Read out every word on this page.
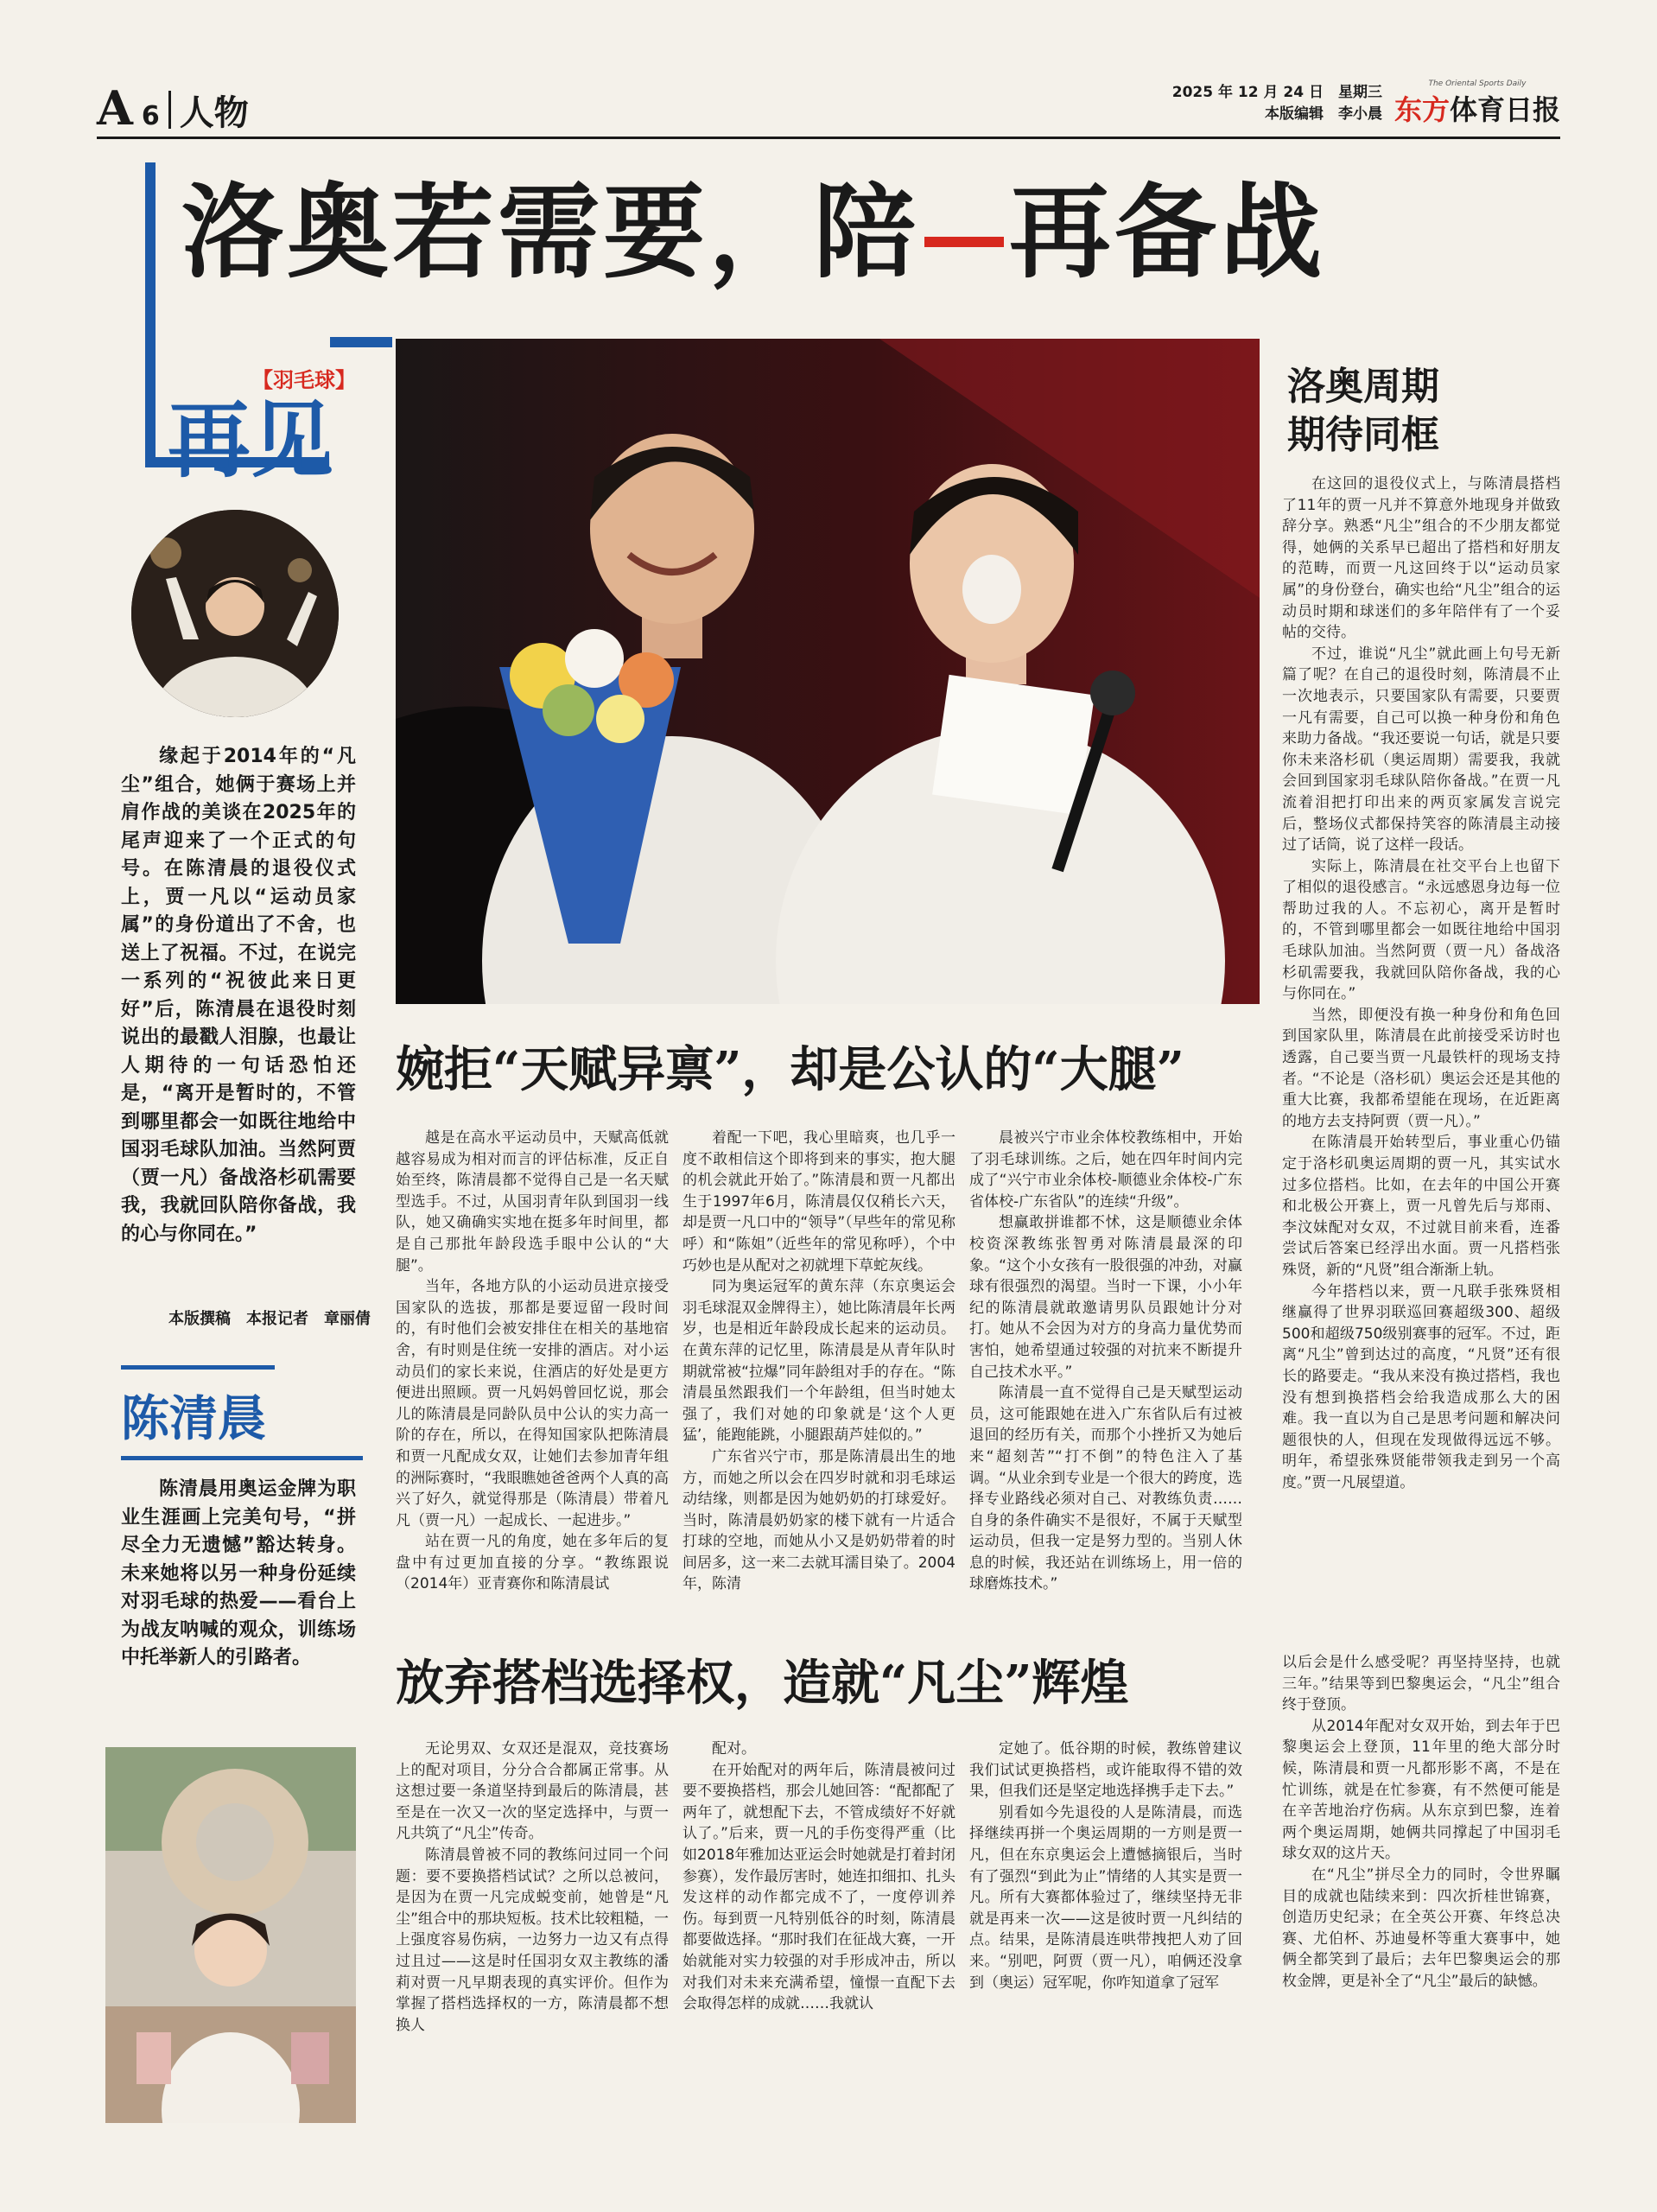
A 6 人物
2025 年 12 月 24 日　星期三
本版编辑　李小晨
The Oriental Sports Daily
东方体育日报
洛奥若需要，陪 再备战
再见
【羽毛球】
缘起于2014年的“凡尘”组合，她俩于赛场上并肩作战的美谈在2025年的尾声迎来了一个正式的句号。在陈清晨的退役仪式上，贾一凡以“运动员家属”的身份道出了不舍，也送上了祝福。不过，在说完一系列的“祝彼此来日更好”后，陈清晨在退役时刻说出的最戳人泪腺，也最让人期待的一句话恐怕还是，“离开是暂时的，不管到哪里都会一如既往地给中国羽毛球队加油。当然阿贾（贾一凡）备战洛杉矶需要我，我就回队陪你备战，我的心与你同在。”
本版撰稿　本报记者　章丽倩
陈清晨
陈清晨用奥运金牌为职业生涯画上完美句号，“拼尽全力无遗憾”豁达转身。未来她将以另一种身份延续对羽毛球的热爱——看台上为战友呐喊的观众，训练场中托举新人的引路者。
婉拒“天赋异禀”，却是公认的“大腿”

越是在高水平运动员中，天赋高低就越容易成为相对而言的评估标准，反正自始至终，陈清晨都不觉得自己是一名天赋型选手。不过，从国羽青年队到国羽一线队，她又确确实实地在挺多年时间里，都是自己那批年龄段选手眼中公认的“大腿”。

当年，各地方队的小运动员进京接受国家队的选拔，那都是要逗留一段时间的，有时他们会被安排住在相关的基地宿舍，有时则是住统一安排的酒店。对小运动员们的家长来说，住酒店的好处是更方便进出照顾。贾一凡妈妈曾回忆说，那会儿的陈清晨是同龄队员中公认的实力高一阶的存在，所以，在得知国家队把陈清晨和贾一凡配成女双，让她们去参加青年组的洲际赛时，“我眼瞧她爸爸两个人真的高兴了好久，就觉得那是（陈清晨）带着凡凡（贾一凡）一起成长、一起进步。”

站在贾一凡的角度，她在多年后的复盘中有过更加直接的分享。“教练跟说（2014年）亚青赛你和陈清晨试

着配一下吧，我心里暗爽，也几乎一度不敢相信这个即将到来的事实，抱大腿的机会就此开始了。”陈清晨和贾一凡都出生于1997年6月，陈清晨仅仅稍长六天，却是贾一凡口中的“领导”（早些年的常见称呼）和“陈姐”（近些年的常见称呼），个中巧妙也是从配对之初就埋下草蛇灰线。

同为奥运冠军的黄东萍（东京奥运会羽毛球混双金牌得主），她比陈清晨年长两岁，也是相近年龄段成长起来的运动员。在黄东萍的记忆里，陈清晨是从青年队时期就常被“拉爆”同年龄组对手的存在。“陈清晨虽然跟我们一个年龄组，但当时她太强了，我们对她的印象就是‘这个人更猛’，能跑能跳，小腿跟葫芦娃似的。”

广东省兴宁市，那是陈清晨出生的地方，而她之所以会在四岁时就和羽毛球运动结缘，则都是因为她奶奶的打球爱好。当时，陈清晨奶奶家的楼下就有一片适合打球的空地，而她从小又是奶奶带着的时间居多，这一来二去就耳濡目染了。2004年，陈清

晨被兴宁市业余体校教练相中，开始了羽毛球训练。之后，她在四年时间内完成了“兴宁市业余体校-顺德业余体校-广东省体校-广东省队”的连续“升级”。

想赢敢拼谁都不怵，这是顺德业余体校资深教练张智勇对陈清晨最深的印象。“这个小女孩有一股很强的冲劲，对赢球有很强烈的渴望。当时一下课，小小年纪的陈清晨就敢邀请男队员跟她计分对打。她从不会因为对方的身高力量优势而害怕，她希望通过较强的对抗来不断提升自己技术水平。”

陈清晨一直不觉得自己是天赋型运动员，这可能跟她在进入广东省队后有过被退回的经历有关，而那个小挫折又为她后来“超刻苦”“打不倒”的特色注入了基调。“从业余到专业是一个很大的跨度，选择专业路线必须对自己、对教练负责……自身的条件确实不是很好，不属于天赋型运动员，但我一定是努力型的。当别人休息的时候，我还站在训练场上，用一倍的球磨炼技术。”

放弃搭档选择权，造就“凡尘”辉煌

无论男双、女双还是混双，竞技赛场上的配对项目，分分合合都属正常事。从这想过要一条道坚持到最后的陈清晨，甚至是在一次又一次的坚定选择中，与贾一凡共筑了“凡尘”传奇。

陈清晨曾被不同的教练问过同一个问题：要不要换搭档试试？之所以总被问，是因为在贾一凡完成蜕变前，她曾是“凡尘”组合中的那块短板。技术比较粗糙，一上强度容易伤病，一边努力一边又有点得过且过——这是时任国羽女双主教练的潘莉对贾一凡早期表现的真实评价。但作为掌握了搭档选择权的一方，陈清晨都不想换人

配对。

在开始配对的两年后，陈清晨被问过要不要换搭档，那会儿她回答：“配都配了两年了，就想配下去，不管成绩好不好就认了。”后来，贾一凡的手伤变得严重（比如2018年雅加达亚运会时她就是打着封闭参赛），发作最厉害时，她连扣细扣、扎头发这样的动作都完成不了，一度停训养伤。每到贾一凡特别低谷的时刻，陈清晨都要做选择。“那时我们在征战大赛，一开始就能对实力较强的对手形成冲击，所以对我们对未来充满希望，憧憬一直配下去会取得怎样的成就……我就认

定她了。低谷期的时候，教练曾建议我们试试更换搭档，或许能取得不错的效果，但我们还是坚定地选择携手走下去。”

别看如今先退役的人是陈清晨，而选择继续再拼一个奥运周期的一方则是贾一凡，但在东京奥运会上遭憾摘银后，当时有了强烈“到此为止”情绪的人其实是贾一凡。所有大赛都体验过了，继续坚持无非就是再来一次——这是彼时贾一凡纠结的点。结果，是陈清晨连哄带拽把人劝了回来。“别吧，阿贾（贾一凡），咱俩还没拿到（奥运）冠军呢，你咋知道拿了冠军

洛奥周期
期待同框

在这回的退役仪式上，与陈清晨搭档了11年的贾一凡并不算意外地现身并做致辞分享。熟悉“凡尘”组合的不少朋友都觉得，她俩的关系早已超出了搭档和好朋友的范畴，而贾一凡这回终于以“运动员家属”的身份登台，确实也给“凡尘”组合的运动员时期和球迷们的多年陪伴有了一个妥帖的交待。

不过，谁说“凡尘”就此画上句号无新篇了呢？在自己的退役时刻，陈清晨不止一次地表示，只要国家队有需要，只要贾一凡有需要，自己可以换一种身份和角色来助力备战。“我还要说一句话，就是只要你未来洛杉矶（奥运周期）需要我，我就会回到国家羽毛球队陪你备战。”在贾一凡流着泪把打印出来的两页家属发言说完后，整场仪式都保持笑容的陈清晨主动接过了话筒，说了这样一段话。

实际上，陈清晨在社交平台上也留下了相似的退役感言。“永远感恩身边每一位帮助过我的人。不忘初心，离开是暂时的，不管到哪里都会一如既往地给中国羽毛球队加油。当然阿贾（贾一凡）备战洛杉矶需要我，我就回队陪你备战，我的心与你同在。”

当然，即便没有换一种身份和角色回到国家队里，陈清晨在此前接受采访时也透露，自己要当贾一凡最铁杆的现场支持者。“不论是（洛杉矶）奥运会还是其他的重大比赛，我都希望能在现场，在近距离的地方去支持阿贾（贾一凡）。”

在陈清晨开始转型后，事业重心仍锚定于洛杉矶奥运周期的贾一凡，其实试水过多位搭档。比如，在去年的中国公开赛和北极公开赛上，贾一凡曾先后与郑雨、李汶妹配对女双，不过就目前来看，连番尝试后答案已经浮出水面。贾一凡搭档张殊贤，新的“凡贤”组合渐渐上轨。

今年搭档以来，贾一凡联手张殊贤相继赢得了世界羽联巡回赛超级300、超级500和超级750级别赛事的冠军。不过，距离“凡尘”曾到达过的高度，“凡贤”还有很长的路要走。“我从来没有换过搭档，我也没有想到换搭档会给我造成那么大的困难。我一直以为自己是思考问题和解决问题很快的人，但现在发现做得远远不够。明年，希望张殊贤能带领我走到另一个高度。”贾一凡展望道。

以后会是什么感受呢？再坚持坚持，也就三年。”结果等到巴黎奥运会，“凡尘”组合终于登顶。

从2014年配对女双开始，到去年于巴黎奥运会上登顶，11年里的绝大部分时候，陈清晨和贾一凡都形影不离，不是在忙训练，就是在忙参赛，有不然便可能是在辛苦地治疗伤病。从东京到巴黎，连着两个奥运周期，她俩共同撑起了中国羽毛球女双的这片天。

在“凡尘”拼尽全力的同时，令世界瞩目的成就也陆续来到：四次折桂世锦赛，创造历史纪录；在全英公开赛、年终总决赛、尤伯杯、苏迪曼杯等重大赛事中，她俩全都笑到了最后；去年巴黎奥运会的那枚金牌，更是补全了“凡尘”最后的缺憾。
